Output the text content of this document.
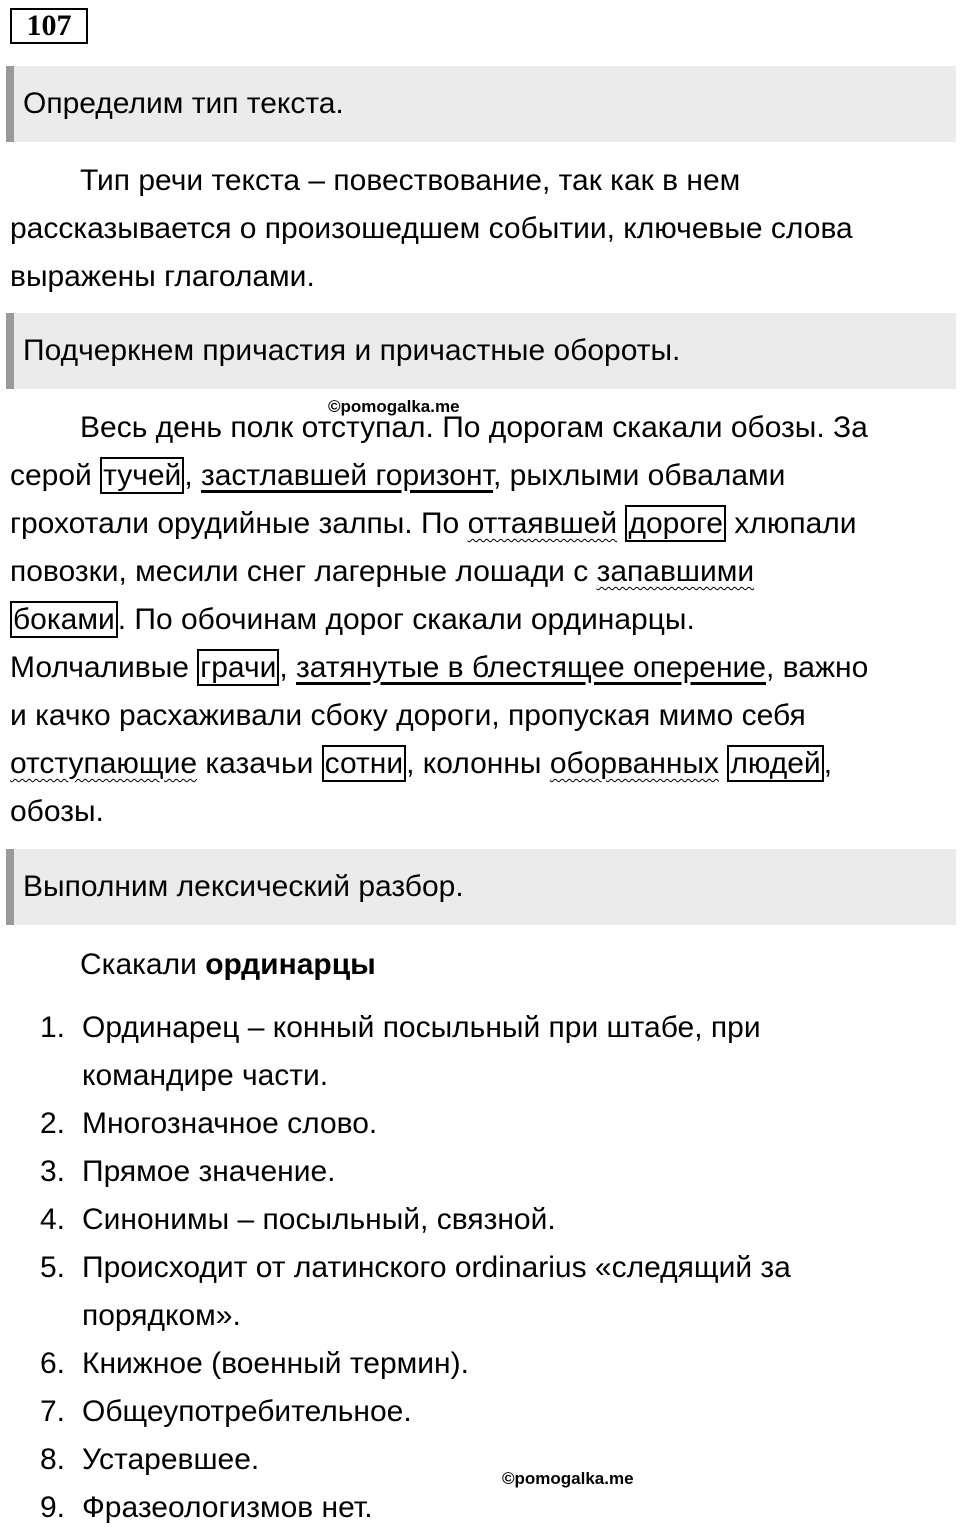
107
Определим тип текста.
Тип речи текста – повествование, так как в нем
рассказывается о произошедшем событии, ключевые слова
выражены глаголами.
Подчеркнем причастия и причастные обороты.
©pomogalka.me
Весь день полк отступал. По дорогам скакали обозы. За
серой тучей , застлавшей горизонт, рыхлыми обвалами
грохотали орудийные залпы. По оттаявшей дороге хлюпали
повозки, месили снег лагерные лошади с запавшими
боками . По обочинам дорог скакали ординарцы.
Молчаливые грачи , затянутые в блестящее оперение, важно
и качко расхаживали сбоку дороги, пропуская мимо себя
отступающие казачьи сотни , колонны оборванных людей ,
обозы.
Выполним лексический разбор.
Скакали ординарцы
1. Ординарец – конный посыльный при штабе, при
командире части.
2. Многозначное слово.
3. Прямое значение.
4. Синонимы – посыльный, связной.
5. Происходит от латинского ordinarius «следящий за
порядком».
6. Книжное (военный термин).
7. Общеупотребительное.
8. Устаревшее.
9. Фразеологизмов нет.
©pomogalka.me
